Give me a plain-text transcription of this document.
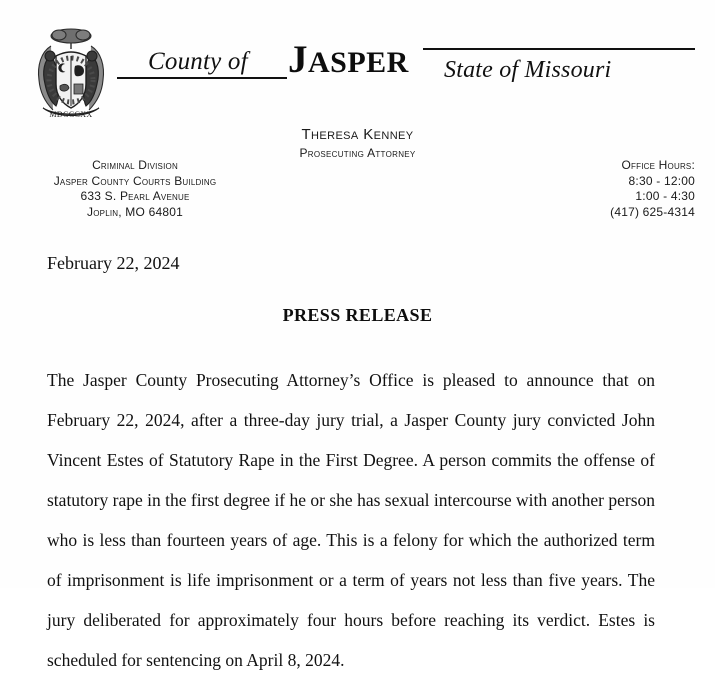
MDCCCXX
County of JASPER State of Missouri
Theresa Kenney
Prosecuting Attorney
Criminal Division
Jasper County Courts Building
633 S. Pearl Avenue
Joplin, MO 64801
Office Hours:
8:30 - 12:00
1:00 - 4:30
(417) 625-4314
February 22, 2024
PRESS RELEASE
The Jasper County Prosecuting Attorney’s Office is pleased to announce that on February 22, 2024, after a three-day jury trial, a Jasper County jury convicted John Vincent Estes of Statutory Rape in the First Degree. A person commits the offense of statutory rape in the first degree if he or she has sexual intercourse with another person who is less than fourteen years of age. This is a felony for which the authorized term of imprisonment is life imprisonment or a term of years not less than five years. The jury deliberated for approximately four hours before reaching its verdict. Estes is scheduled for sentencing on April 8, 2024.
